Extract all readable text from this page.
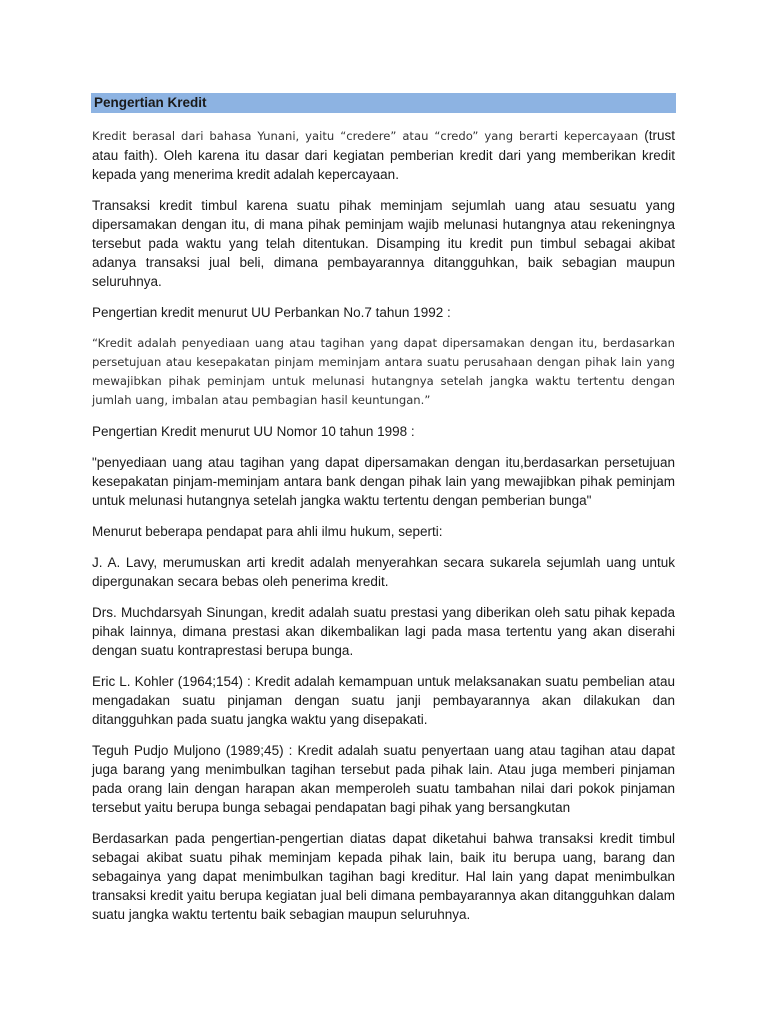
Pengertian Kredit

Kredit berasal dari bahasa Yunani, yaitu “credere” atau “credo” yang berarti kepercayaan (trust atau faith). Oleh karena itu dasar dari kegiatan pemberian kredit dari yang memberikan kredit kepada yang menerima kredit adalah kepercayaan.

Transaksi kredit timbul karena suatu pihak meminjam sejumlah uang atau sesuatu yang dipersamakan dengan itu, di mana pihak peminjam wajib melunasi hutangnya atau rekeningnya tersebut pada waktu yang telah ditentukan. Disamping itu kredit pun timbul sebagai akibat adanya transaksi jual beli, dimana pembayarannya ditangguhkan, baik sebagian maupun seluruhnya.

Pengertian kredit menurut UU Perbankan No.7 tahun 1992 :

“Kredit adalah penyediaan uang atau tagihan yang dapat dipersamakan dengan itu, berdasarkan persetujuan atau kesepakatan pinjam meminjam antara suatu perusahaan dengan pihak lain yang mewajibkan pihak peminjam untuk melunasi hutangnya setelah jangka waktu tertentu dengan jumlah uang, imbalan atau pembagian hasil keuntungan.”

Pengertian Kredit menurut UU Nomor 10 tahun 1998 :

"penyediaan uang atau tagihan yang dapat dipersamakan dengan itu,berdasarkan persetujuan kesepakatan pinjam-meminjam antara bank dengan pihak lain yang mewajibkan pihak peminjam untuk melunasi hutangnya setelah jangka waktu tertentu dengan pemberian bunga"

Menurut beberapa pendapat para ahli ilmu hukum, seperti:

J. A. Lavy, merumuskan arti kredit adalah menyerahkan secara sukarela sejumlah uang untuk dipergunakan secara bebas oleh penerima kredit.

Drs. Muchdarsyah Sinungan, kredit adalah suatu prestasi yang diberikan oleh satu pihak kepada pihak lainnya, dimana prestasi akan dikembalikan lagi pada masa tertentu yang akan diserahi dengan suatu kontraprestasi berupa bunga.

Eric L. Kohler (1964;154) : Kredit adalah kemampuan untuk melaksanakan suatu pembelian atau mengadakan suatu pinjaman dengan suatu janji pembayarannya akan dilakukan dan ditangguhkan pada suatu jangka waktu yang disepakati.

Teguh Pudjo Muljono (1989;45) : Kredit adalah suatu penyertaan uang atau tagihan atau dapat juga barang yang menimbulkan tagihan tersebut pada pihak lain. Atau juga memberi pinjaman pada orang lain dengan harapan akan memperoleh suatu tambahan nilai dari pokok pinjaman tersebut yaitu berupa bunga sebagai pendapatan bagi pihak yang bersangkutan

Berdasarkan pada pengertian-pengertian diatas dapat diketahui bahwa transaksi kredit timbul sebagai akibat suatu pihak meminjam kepada pihak lain, baik itu berupa uang, barang dan sebagainya yang dapat menimbulkan tagihan bagi kreditur. Hal lain yang dapat menimbulkan transaksi kredit yaitu berupa kegiatan jual beli dimana pembayarannya akan ditangguhkan dalam suatu jangka waktu tertentu baik sebagian maupun seluruhnya.
